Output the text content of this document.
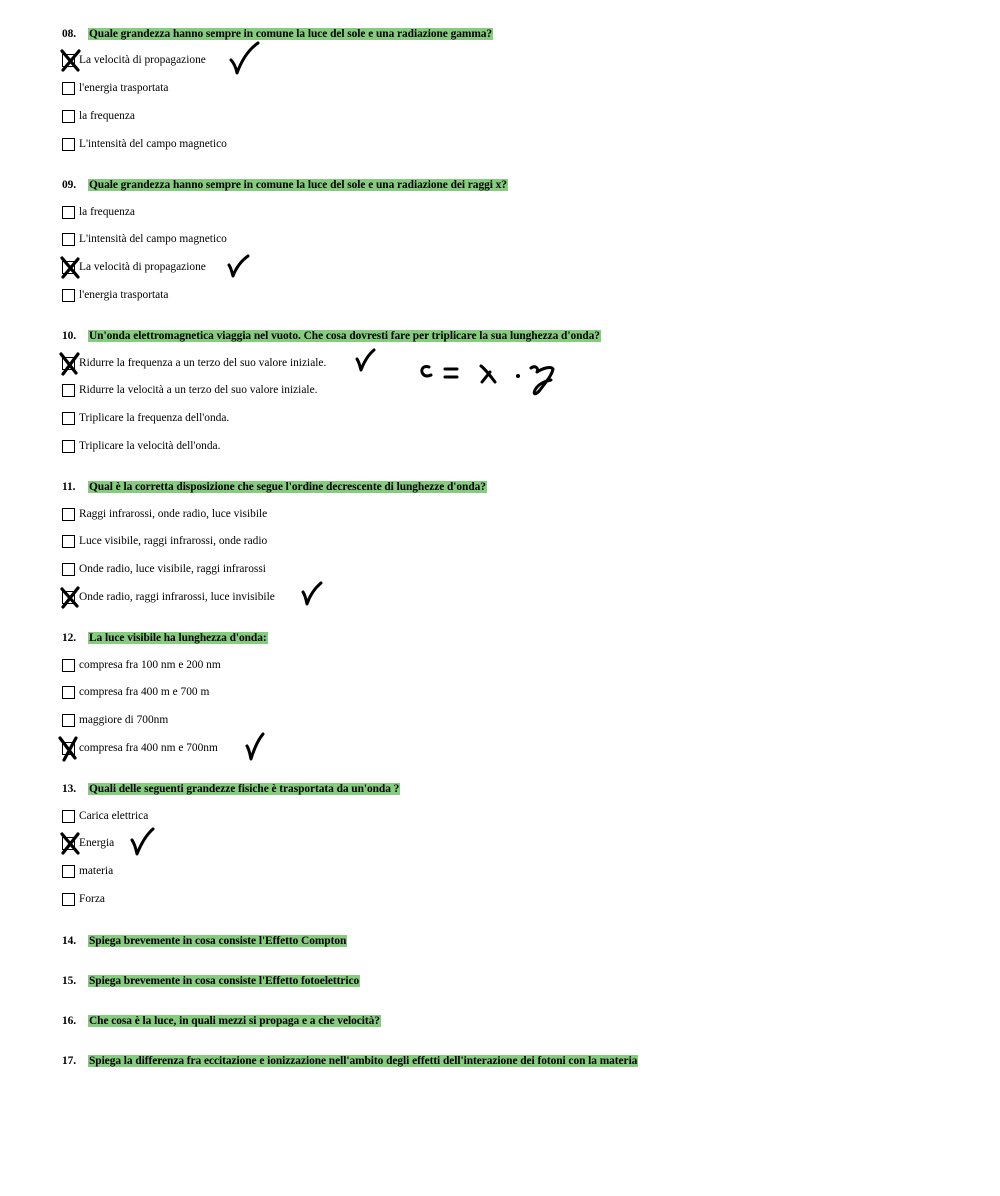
08. Quale grandezza hanno sempre in comune la luce del sole e una radiazione gamma?
La velocità di propagazione
l'energia trasportata
la frequenza
L'intensità del campo magnetico
09. Quale grandezza hanno sempre in comune la luce del sole e una radiazione dei raggi x?
la frequenza
L'intensità del campo magnetico
La velocità di propagazione
l'energia trasportata
10. Un'onda elettromagnetica viaggia nel vuoto. Che cosa dovresti fare per triplicare la sua lunghezza d'onda?
Ridurre la frequenza a un terzo del suo valore iniziale.
Ridurre la velocità a un terzo del suo valore iniziale.
Triplicare la frequenza dell'onda.
Triplicare la velocità dell'onda.
11. Qual è la corretta disposizione che segue l'ordine decrescente di lunghezze d'onda?
Raggi infrarossi, onde radio, luce visibile
Luce visibile, raggi infrarossi, onde radio
Onde radio, luce visibile, raggi infrarossi
Onde radio, raggi infrarossi, luce invisibile
12. La luce visibile ha lunghezza d'onda:
compresa fra 100 nm e 200 nm
compresa fra 400 m e 700 m
maggiore di 700nm
compresa fra 400 nm e 700nm
13. Quali delle seguenti grandezze fisiche è trasportata da un'onda ?
Carica elettrica
Energia
materia
Forza
14. Spiega brevemente in cosa consiste l'Effetto Compton
15. Spiega brevemente in cosa consiste l'Effetto fotoelettrico
16. Che cosa è la luce, in quali mezzi si propaga e a che velocità?
17. Spiega la differenza fra eccitazione e ionizzazione nell'ambito degli effetti dell'interazione dei fotoni con la materia
